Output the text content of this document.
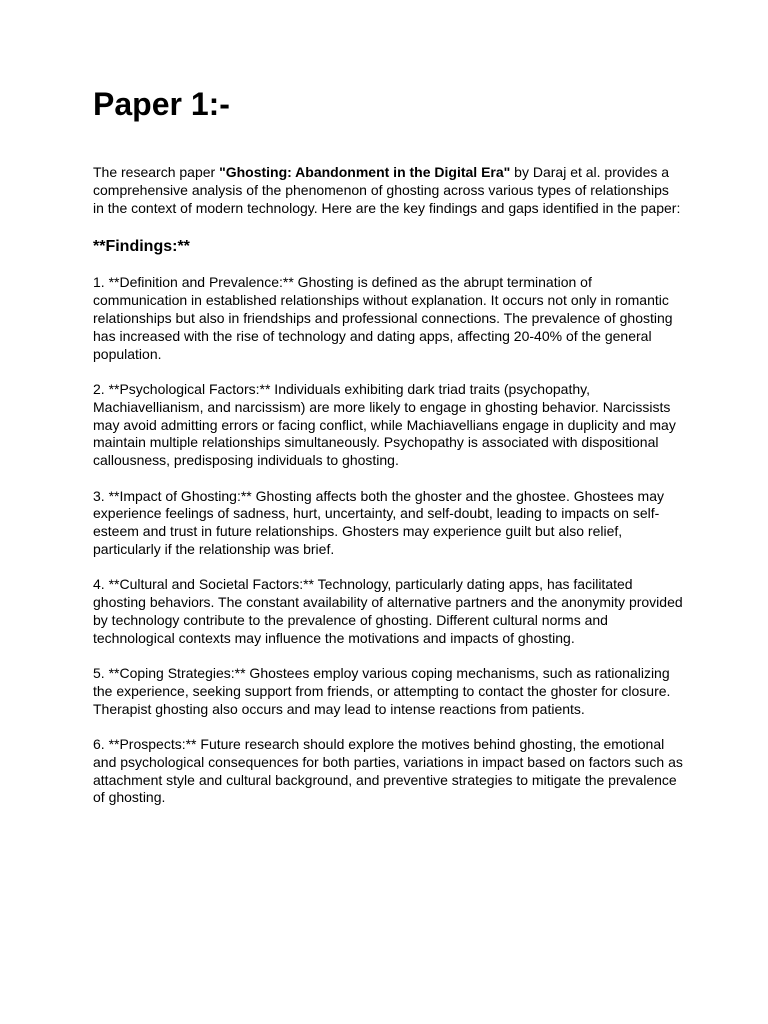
Paper 1:-

The research paper "Ghosting: Abandonment in the Digital Era" by Daraj et al. provides a comprehensive analysis of the phenomenon of ghosting across various types of relationships in the context of modern technology. Here are the key findings and gaps identified in the paper:

**Findings:**

1. **Definition and Prevalence:** Ghosting is defined as the abrupt termination of communication in established relationships without explanation. It occurs not only in romantic relationships but also in friendships and professional connections. The prevalence of ghosting has increased with the rise of technology and dating apps, affecting 20-40% of the general population.

2. **Psychological Factors:** Individuals exhibiting dark triad traits (psychopathy, Machiavellianism, and narcissism) are more likely to engage in ghosting behavior. Narcissists may avoid admitting errors or facing conflict, while Machiavellians engage in duplicity and may maintain multiple relationships simultaneously. Psychopathy is associated with dispositional callousness, predisposing individuals to ghosting.

3. **Impact of Ghosting:** Ghosting affects both the ghoster and the ghostee. Ghostees may experience feelings of sadness, hurt, uncertainty, and self-doubt, leading to impacts on self-esteem and trust in future relationships. Ghosters may experience guilt but also relief, particularly if the relationship was brief.

4. **Cultural and Societal Factors:** Technology, particularly dating apps, has facilitated ghosting behaviors. The constant availability of alternative partners and the anonymity provided by technology contribute to the prevalence of ghosting. Different cultural norms and technological contexts may influence the motivations and impacts of ghosting.

5. **Coping Strategies:** Ghostees employ various coping mechanisms, such as rationalizing the experience, seeking support from friends, or attempting to contact the ghoster for closure. Therapist ghosting also occurs and may lead to intense reactions from patients.

6. **Prospects:** Future research should explore the motives behind ghosting, the emotional and psychological consequences for both parties, variations in impact based on factors such as attachment style and cultural background, and preventive strategies to mitigate the prevalence of ghosting.
